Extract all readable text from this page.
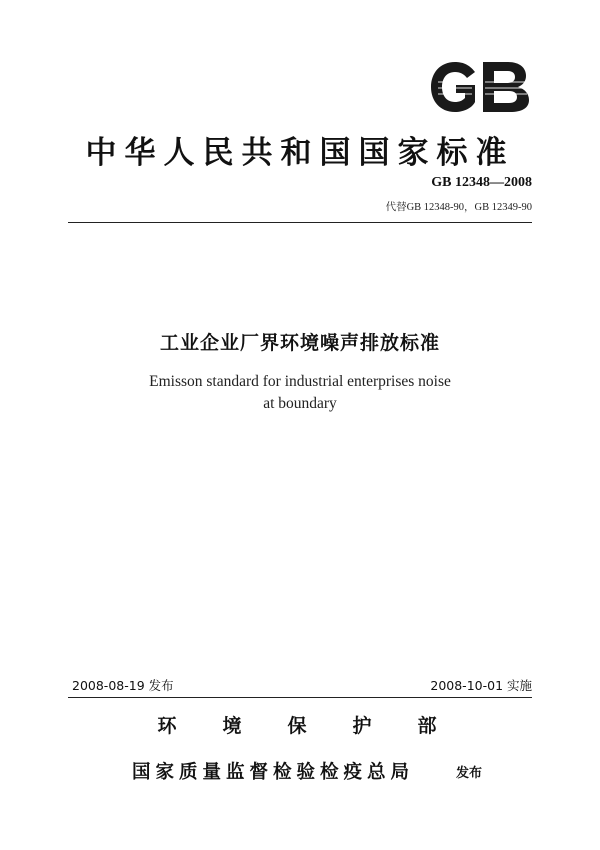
中华人民共和国国家标准
GB 12348—2008
代替GB 12348-90，GB 12349-90
工业企业厂界环境噪声排放标准
Emisson standard for industrial enterprises noise
at boundary
2008-08-19 发布	2008-10-01 实施
环境保护部
国家质量监督检验检疫总局	发布
